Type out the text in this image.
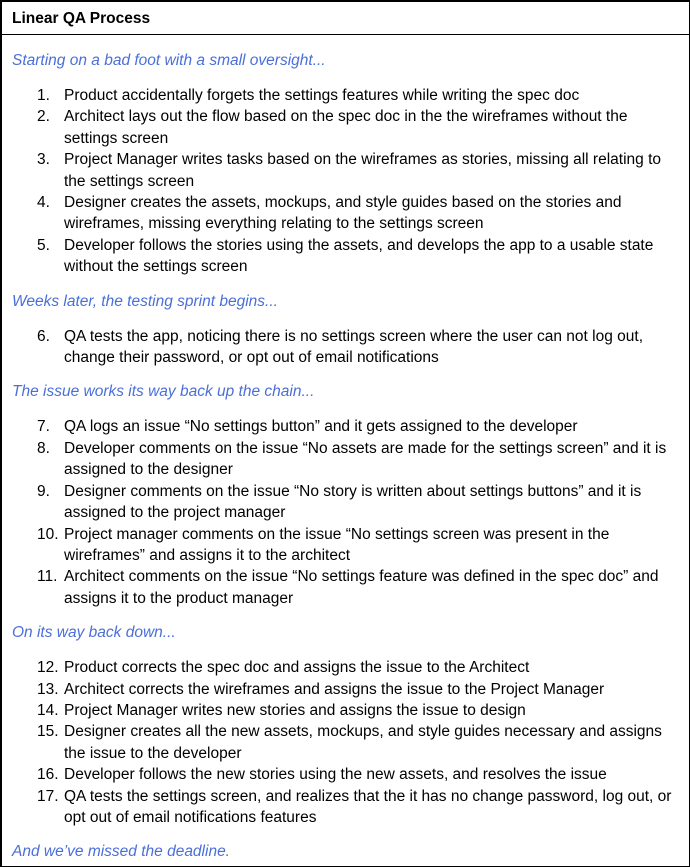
Linear QA Process

Starting on a bad foot with a small oversight...

1. Product accidentally forgets the settings features while writing the spec doc
2. Architect lays out the flow based on the spec doc in the the wireframes without the settings screen
3. Project Manager writes tasks based on the wireframes as stories, missing all relating to the settings screen
4. Designer creates the assets, mockups, and style guides based on the stories and wireframes, missing everything relating to the settings screen
5. Developer follows the stories using the assets, and develops the app to a usable state without the settings screen

Weeks later, the testing sprint begins...

6. QA tests the app, noticing there is no settings screen where the user can not log out, change their password, or opt out of email notifications

The issue works its way back up the chain...

7. QA logs an issue “No settings button” and it gets assigned to the developer
8. Developer comments on the issue “No assets are made for the settings screen” and it is assigned to the designer
9. Designer comments on the issue “No story is written about settings buttons” and it is assigned to the project manager
10. Project manager comments on the issue “No settings screen was present in the wireframes” and assigns it to the architect
11. Architect comments on the issue “No settings feature was defined in the spec doc” and assigns it to the product manager

On its way back down...

12. Product corrects the spec doc and assigns the issue to the Architect
13. Architect corrects the wireframes and assigns the issue to the Project Manager
14. Project Manager writes new stories and assigns the issue to design
15. Designer creates all the new assets, mockups, and style guides necessary and assigns the issue to the developer
16. Developer follows the new stories using the new assets, and resolves the issue
17. QA tests the settings screen, and realizes that the it has no change password, log out, or opt out of email notifications features

And we’ve missed the deadline.
